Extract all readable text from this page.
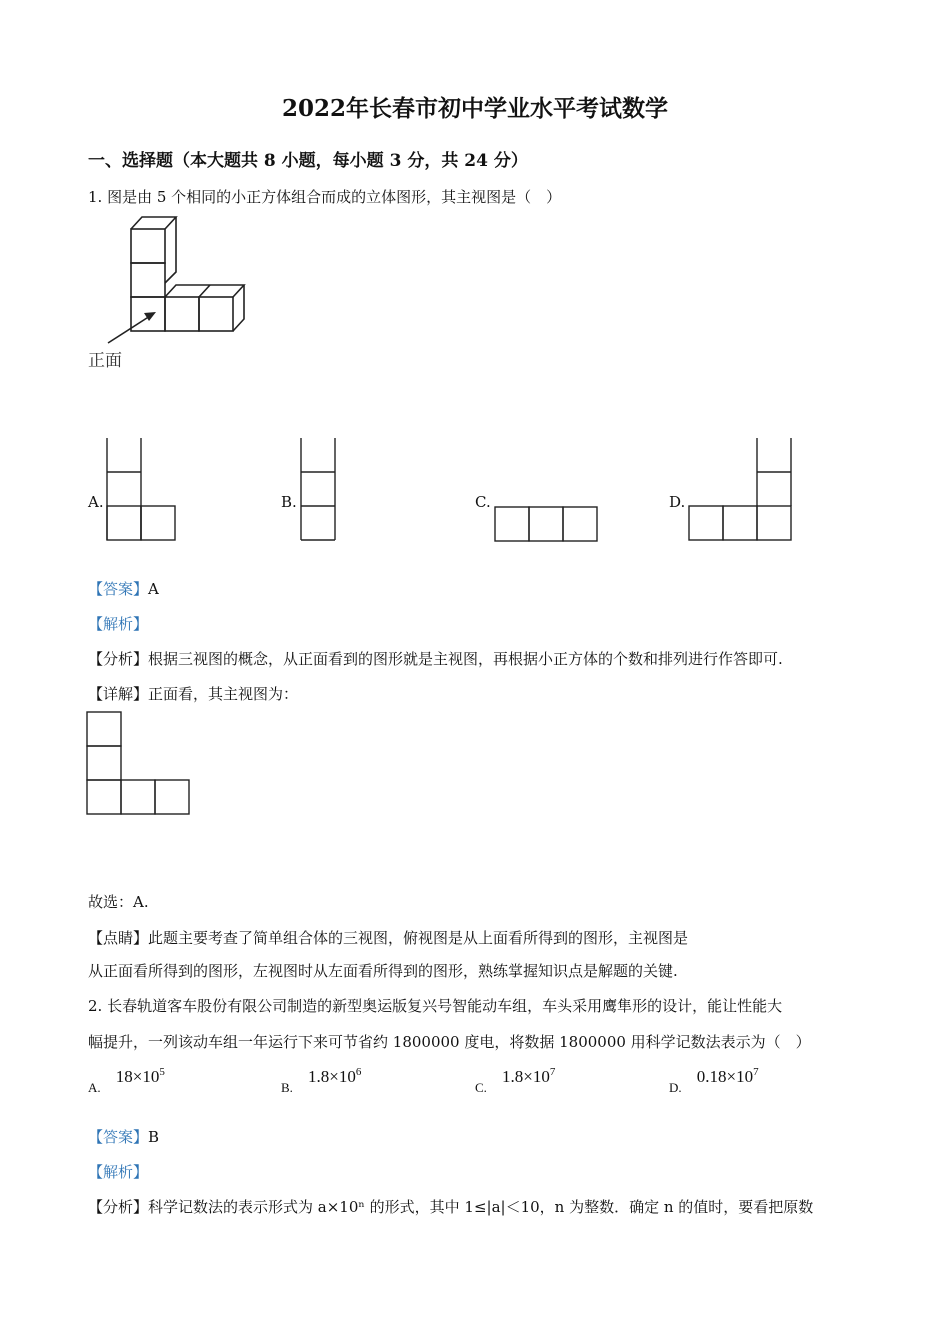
2022年长春市初中学业水平考试数学
一、选择题（本大题共 8 小题，每小题 3 分，共 24 分）
1. 图是由 5 个相同的小正方体组合而成的立体图形，其主视图是（　）
正面
A.	B.	C.	D.
【答案】A
【解析】
【分析】根据三视图的概念，从正面看到的图形就是主视图，再根据小正方体的个数和排列进行作答即可.
【详解】正面看，其主视图为：
故选：A.
【点睛】此题主要考查了简单组合体的三视图，俯视图是从上面看所得到的图形，主视图是
从正面看所得到的图形，左视图时从左面看所得到的图形，熟练掌握知识点是解题的关键.
2. 长春轨道客车股份有限公司制造的新型奥运版复兴号智能动车组，车头采用鹰隼形的设计，能让性能大
幅提升，一列该动车组一年运行下来可节省约 1800000 度电，将数据 1800000 用科学记数法表示为（　）
$_{A.}$ $18\times 10^5$
$_{B.}$ $1.8\times 10^6$
$_{C.}$ $1.8\times 10^7$
$_{D.}$ $0.18\times 10^7$
【答案】B
【解析】
【分析】科学记数法的表示形式为 a×10ⁿ 的形式，其中 1≤|a|＜10，n 为整数．确定 n 的值时，要看把原数
